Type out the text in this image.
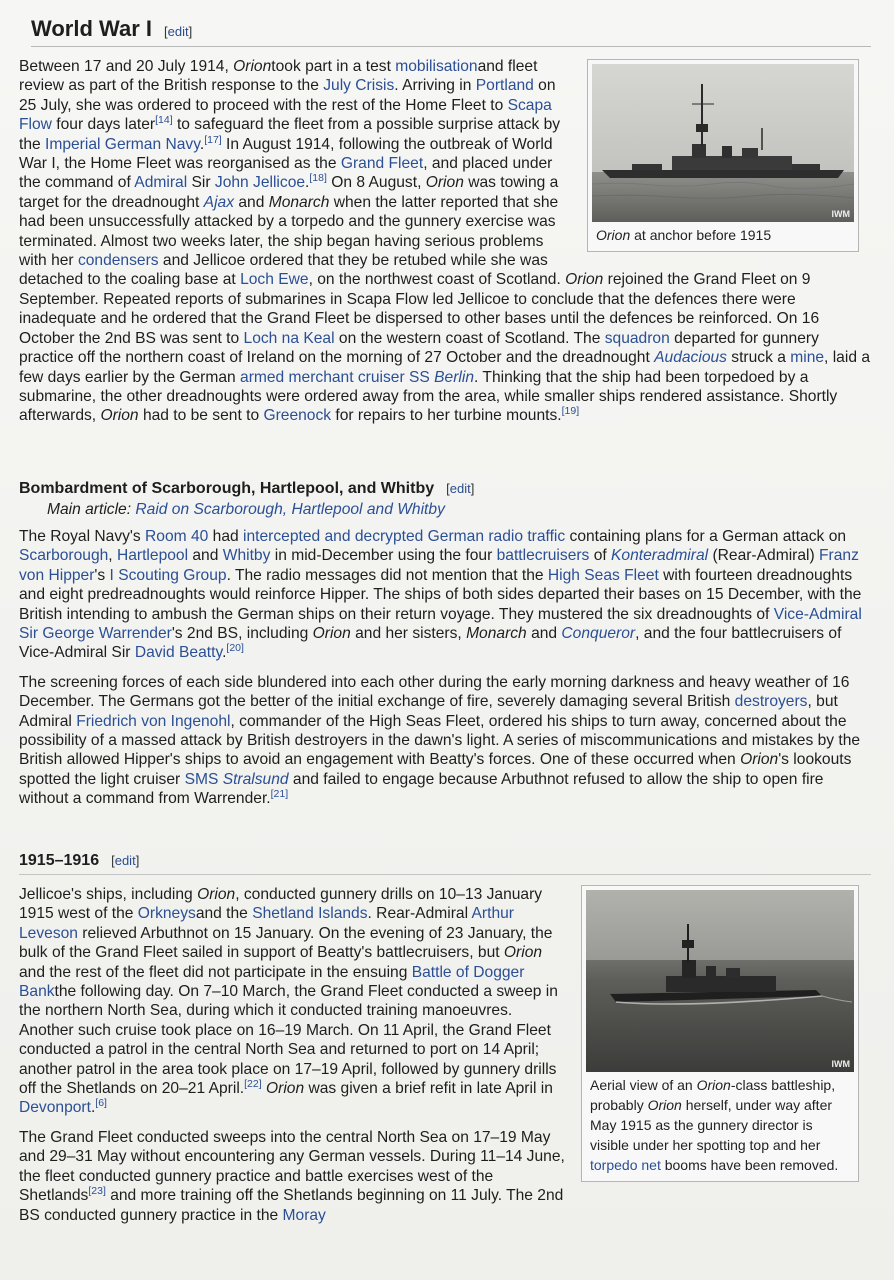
World War I [edit]
IWM
Orion at anchor before 1915

Between 17 and 20 July 1914, Oriontook part in a test mobilisationand fleet review as part of the British response to the July Crisis. Arriving in Portland on 25 July, she was ordered to proceed with the rest of the Home Fleet to Scapa Flow four days later[14] to safeguard the fleet from a possible surprise attack by the Imperial German Navy.[17] In August 1914, following the outbreak of World War I, the Home Fleet was reorganised as the Grand Fleet, and placed under the command of Admiral Sir John Jellicoe.[18] On 8 August, Orion was towing a target for the dreadnought Ajax and Monarch when the latter reported that she had been unsuccessfully attacked by a torpedo and the gunnery exercise was terminated. Almost two weeks later, the ship began having serious problems with her condensers and Jellicoe ordered that they be retubed while she was detached to the coaling base at Loch Ewe, on the northwest coast of Scotland. Orion rejoined the Grand Fleet on 9 September. Repeated reports of submarines in Scapa Flow led Jellicoe to conclude that the defences there were inadequate and he ordered that the Grand Fleet be dispersed to other bases until the defences be reinforced. On 16 October the 2nd BS was sent to Loch na Keal on the western coast of Scotland. The squadron departed for gunnery practice off the northern coast of Ireland on the morning of 27 October and the dreadnought Audacious struck a mine, laid a few days earlier by the German armed merchant cruiser SS Berlin. Thinking that the ship had been torpedoed by a submarine, the other dreadnoughts were ordered away from the area, while smaller ships rendered assistance. Shortly afterwards, Orion had to be sent to Greenock for repairs to her turbine mounts.[19]

Bombardment of Scarborough, Hartlepool, and Whitby [edit]
Main article: Raid on Scarborough, Hartlepool and Whitby

The Royal Navy's Room 40 had intercepted and decrypted German radio traffic containing plans for a German attack on Scarborough, Hartlepool and Whitby in mid-December using the four battlecruisers of Konteradmiral (Rear-Admiral) Franz von Hipper's I Scouting Group. The radio messages did not mention that the High Seas Fleet with fourteen dreadnoughts and eight predreadnoughts would reinforce Hipper. The ships of both sides departed their bases on 15 December, with the British intending to ambush the German ships on their return voyage. They mustered the six dreadnoughts of Vice-Admiral Sir George Warrender's 2nd BS, including Orion and her sisters, Monarch and Conqueror, and the four battlecruisers of Vice-Admiral Sir David Beatty.[20]

The screening forces of each side blundered into each other during the early morning darkness and heavy weather of 16 December. The Germans got the better of the initial exchange of fire, severely damaging several British destroyers, but Admiral Friedrich von Ingenohl, commander of the High Seas Fleet, ordered his ships to turn away, concerned about the possibility of a massed attack by British destroyers in the dawn's light. A series of miscommunications and mistakes by the British allowed Hipper's ships to avoid an engagement with Beatty's forces. One of these occurred when Orion's lookouts spotted the light cruiser SMS Stralsund and failed to engage because Arbuthnot refused to allow the ship to open fire without a command from Warrender.[21]

1915–1916 [edit]
IWM
Aerial view of an Orion-class battleship, probably Orion herself, under way after May 1915 as the gunnery director is visible under her spotting top and her torpedo net booms have been removed.

Jellicoe's ships, including Orion, conducted gunnery drills on 10–13 January 1915 west of the Orkneysand the Shetland Islands. Rear-Admiral Arthur Leveson relieved Arbuthnot on 15 January. On the evening of 23 January, the bulk of the Grand Fleet sailed in support of Beatty's battlecruisers, but Orion and the rest of the fleet did not participate in the ensuing Battle of Dogger Bankthe following day. On 7–10 March, the Grand Fleet conducted a sweep in the northern North Sea, during which it conducted training manoeuvres. Another such cruise took place on 16–19 March. On 11 April, the Grand Fleet conducted a patrol in the central North Sea and returned to port on 14 April; another patrol in the area took place on 17–19 April, followed by gunnery drills off the Shetlands on 20–21 April.[22] Orion was given a brief refit in late April in Devonport.[6]

The Grand Fleet conducted sweeps into the central North Sea on 17–19 May and 29–31 May without encountering any German vessels. During 11–14 June, the fleet conducted gunnery practice and battle exercises west of the Shetlands[23] and more training off the Shetlands beginning on 11 July. The 2nd BS conducted gunnery practice in the Moray
